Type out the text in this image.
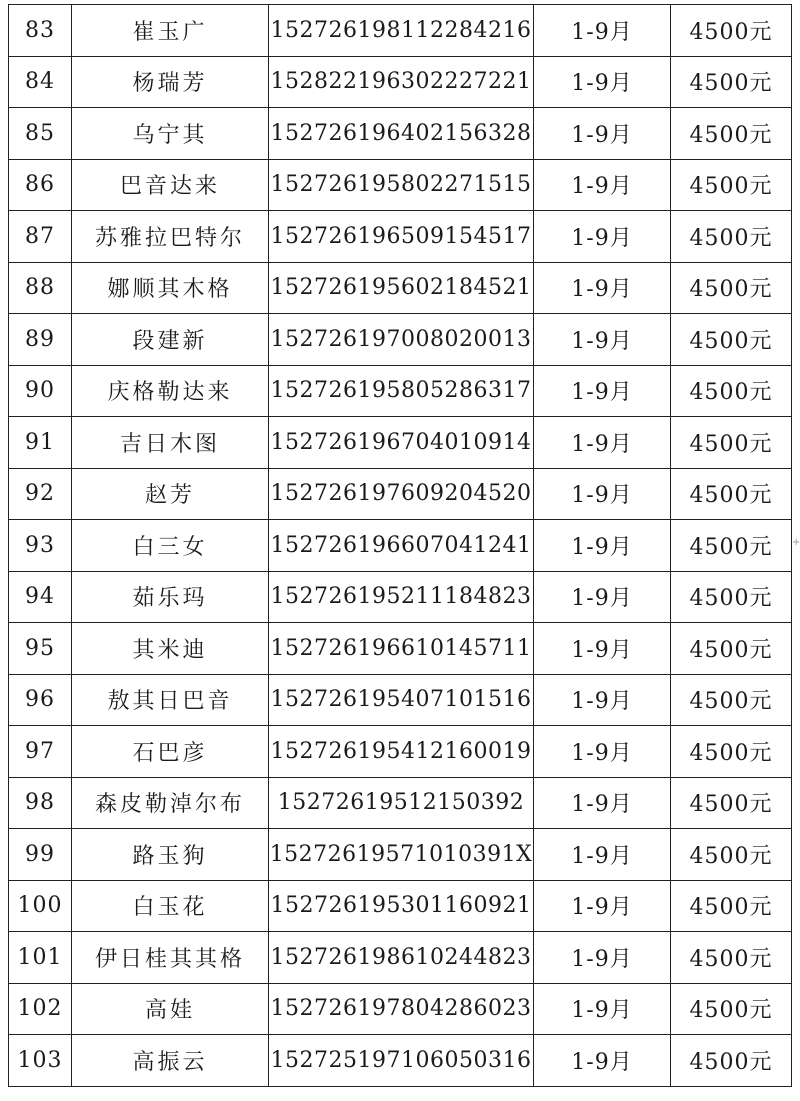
83	崔玉广	152726198112284216	1-9月	4500元
84	杨瑞芳	152822196302227221	1-9月	4500元
85	乌宁其	152726196402156328	1-9月	4500元
86	巴音达来	152726195802271515	1-9月	4500元
87	苏雅拉巴特尔	152726196509154517	1-9月	4500元
88	娜顺其木格	152726195602184521	1-9月	4500元
89	段建新	152726197008020013	1-9月	4500元
90	庆格勒达来	152726195805286317	1-9月	4500元
91	吉日木图	152726196704010914	1-9月	4500元
92	赵芳	152726197609204520	1-9月	4500元
93	白三女	152726196607041241	1-9月	4500元
94	茹乐玛	152726195211184823	1-9月	4500元
95	其米迪	152726196610145711	1-9月	4500元
96	敖其日巴音	152726195407101516	1-9月	4500元
97	石巴彦	152726195412160019	1-9月	4500元
98	森皮勒淖尔布	15272619512150392	1-9月	4500元
99	路玉狗	15272619571010391X	1-9月	4500元
100	白玉花	152726195301160921	1-9月	4500元
101	伊日桂其其格	152726198610244823	1-9月	4500元
102	高娃	152726197804286023	1-9月	4500元
103	高振云	152725197106050316	1-9月	4500元
+
